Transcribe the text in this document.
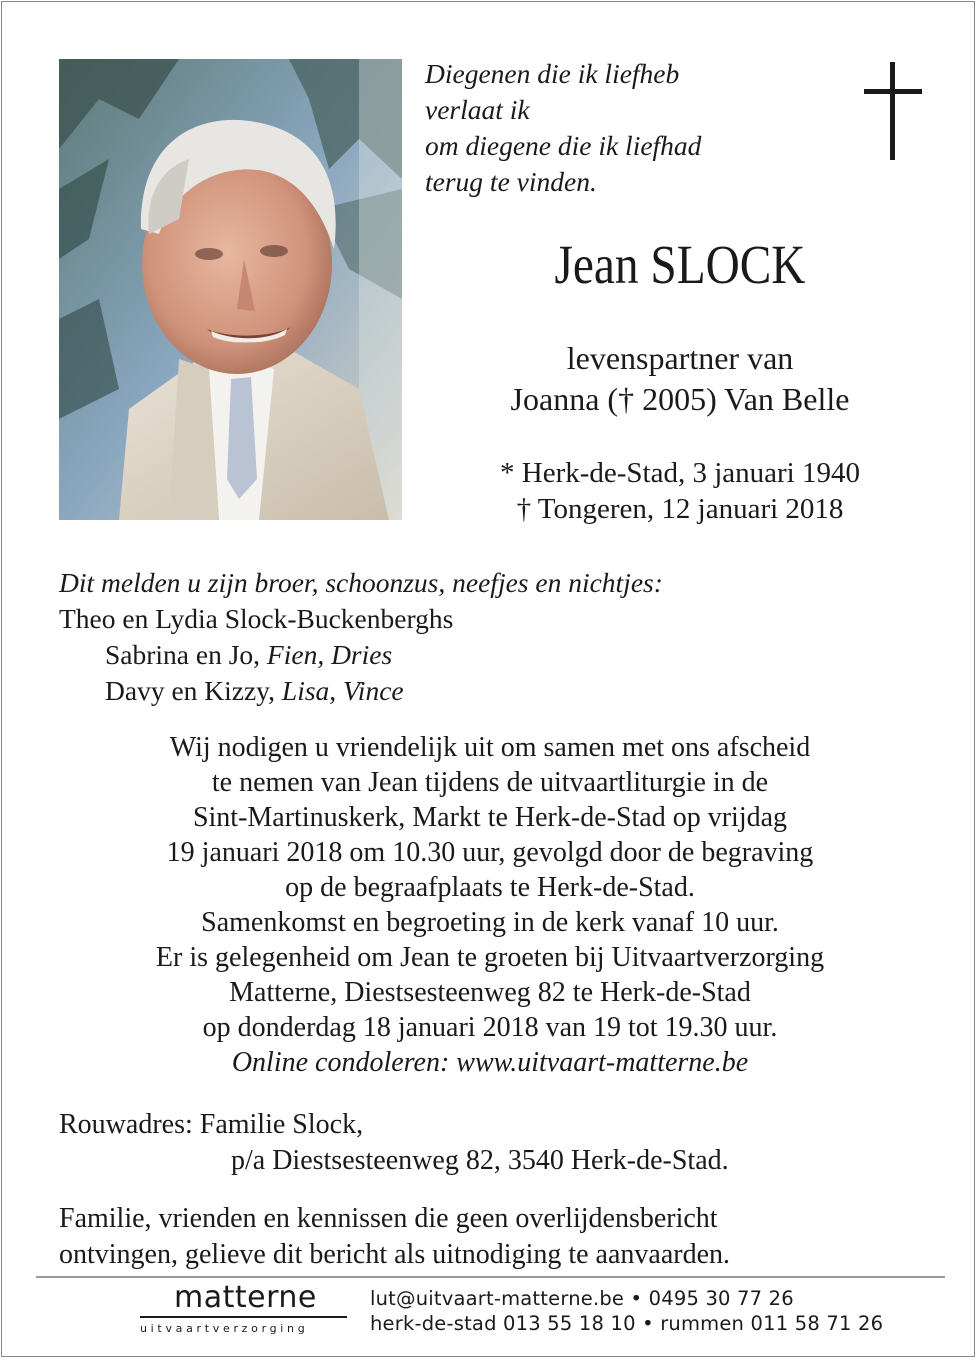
Diegenen die ik liefheb
verlaat ik
om diegene die ik liefhad
terug te vinden.
Jean SLOCK
levenspartner van
Joanna († 2005) Van Belle
* Herk-de-Stad, 3 januari 1940
† Tongeren, 12 januari 2018
Dit melden u zijn broer, schoonzus, neefjes en nichtjes:
Theo en Lydia Slock-Buckenberghs
Sabrina en Jo, Fien, Dries
Davy en Kizzy, Lisa, Vince
Wij nodigen u vriendelijk uit om samen met ons afscheid
te nemen van Jean tijdens de uitvaartliturgie in de
Sint-Martinuskerk, Markt te Herk-de-Stad op vrijdag
19 januari 2018 om 10.30 uur, gevolgd door de begraving
op de begraafplaats te Herk-de-Stad.
Samenkomst en begroeting in de kerk vanaf 10 uur.
Er is gelegenheid om Jean te groeten bij Uitvaartverzorging
Matterne, Diestsesteenweg 82 te Herk-de-Stad
op donderdag 18 januari 2018 van 19 tot 19.30 uur.
Online condoleren: www.uitvaart-matterne.be
Rouwadres: Familie Slock,
p/a Diestsesteenweg 82, 3540 Herk-de-Stad.
Familie, vrienden en kennissen die geen overlijdensbericht
ontvingen, gelieve dit bericht als uitnodiging te aanvaarden.
matterne
uitvaartverzorging
lut@uitvaart-matterne.be • 0495 30 77 26
herk-de-stad 013 55 18 10 • rummen 011 58 71 26
